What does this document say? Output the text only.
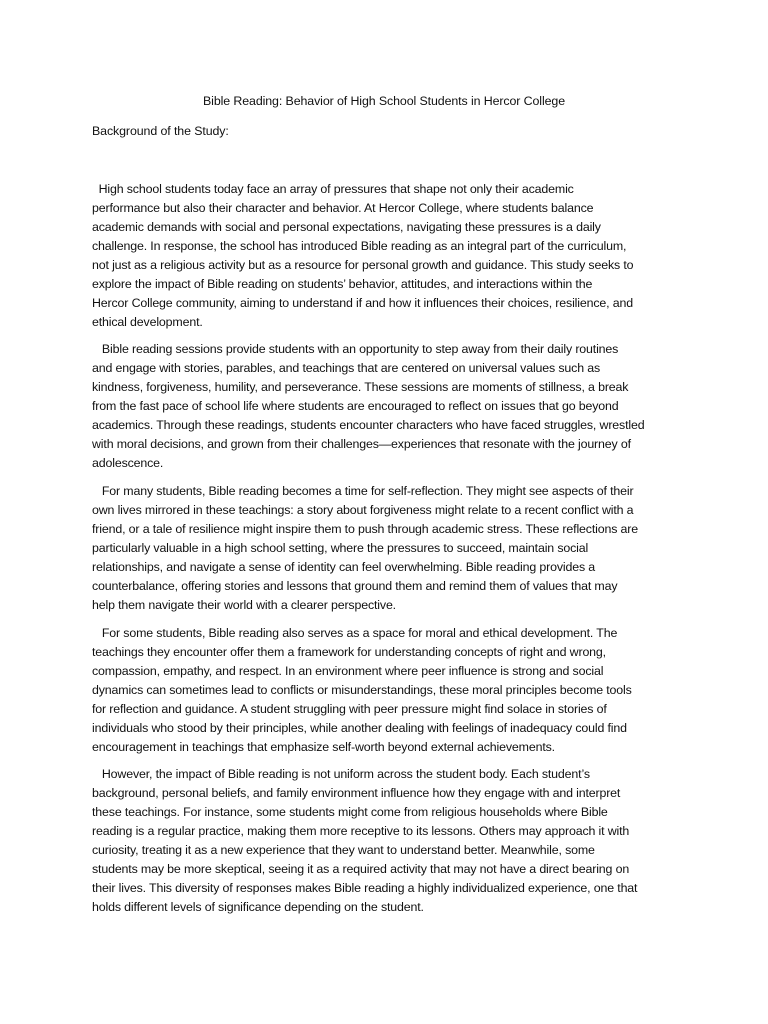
Bible Reading: Behavior of High School Students in Hercor College
Background of the Study:

High school students today face an array of pressures that shape not only their academic
performance but also their character and behavior. At Hercor College, where students balance
academic demands with social and personal expectations, navigating these pressures is a daily
challenge. In response, the school has introduced Bible reading as an integral part of the curriculum,
not just as a religious activity but as a resource for personal growth and guidance. This study seeks to
explore the impact of Bible reading on students’ behavior, attitudes, and interactions within the
Hercor College community, aiming to understand if and how it influences their choices, resilience, and
ethical development.

Bible reading sessions provide students with an opportunity to step away from their daily routines
and engage with stories, parables, and teachings that are centered on universal values such as
kindness, forgiveness, humility, and perseverance. These sessions are moments of stillness, a break
from the fast pace of school life where students are encouraged to reflect on issues that go beyond
academics. Through these readings, students encounter characters who have faced struggles, wrestled
with moral decisions, and grown from their challenges—experiences that resonate with the journey of
adolescence.

For many students, Bible reading becomes a time for self-reflection. They might see aspects of their
own lives mirrored in these teachings: a story about forgiveness might relate to a recent conflict with a
friend, or a tale of resilience might inspire them to push through academic stress. These reflections are
particularly valuable in a high school setting, where the pressures to succeed, maintain social
relationships, and navigate a sense of identity can feel overwhelming. Bible reading provides a
counterbalance, offering stories and lessons that ground them and remind them of values that may
help them navigate their world with a clearer perspective.

For some students, Bible reading also serves as a space for moral and ethical development. The
teachings they encounter offer them a framework for understanding concepts of right and wrong,
compassion, empathy, and respect. In an environment where peer influence is strong and social
dynamics can sometimes lead to conflicts or misunderstandings, these moral principles become tools
for reflection and guidance. A student struggling with peer pressure might find solace in stories of
individuals who stood by their principles, while another dealing with feelings of inadequacy could find
encouragement in teachings that emphasize self-worth beyond external achievements.

However, the impact of Bible reading is not uniform across the student body. Each student’s
background, personal beliefs, and family environment influence how they engage with and interpret
these teachings. For instance, some students might come from religious households where Bible
reading is a regular practice, making them more receptive to its lessons. Others may approach it with
curiosity, treating it as a new experience that they want to understand better. Meanwhile, some
students may be more skeptical, seeing it as a required activity that may not have a direct bearing on
their lives. This diversity of responses makes Bible reading a highly individualized experience, one that
holds different levels of significance depending on the student.
